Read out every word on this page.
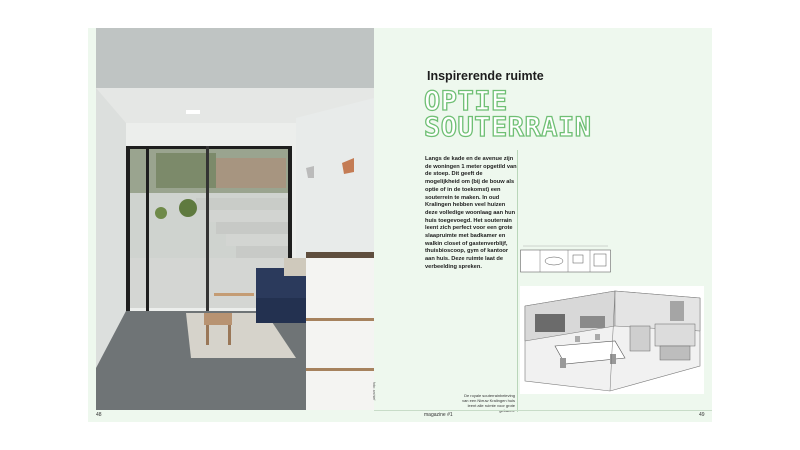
Inspirerende ruimte
OPTIE
SOUTERRAIN
Langs de kade en de avenue zijn de woningen 1 meter opgetild van de stoep. Dit geeft de mogelijkheid om (bij de bouw als optie of in de toekomst) een souterrein te maken. In oud Kralingen hebben veel huizen deze volledige woonlaag aan hun huis toegevoegd. Het souterrain leent zich perfect voor een grote slaapruimte met badkamer en walkin closet of gastenverblijf, thuisbioscoop, gym of kantoor aan huis. Deze ruimte laat de verbeelding spreken.
De royale souterrainbeleving van een Nieuw Kralingen huis leent alle ruimte voor grote
foto: archief
48	magazine #1	49
